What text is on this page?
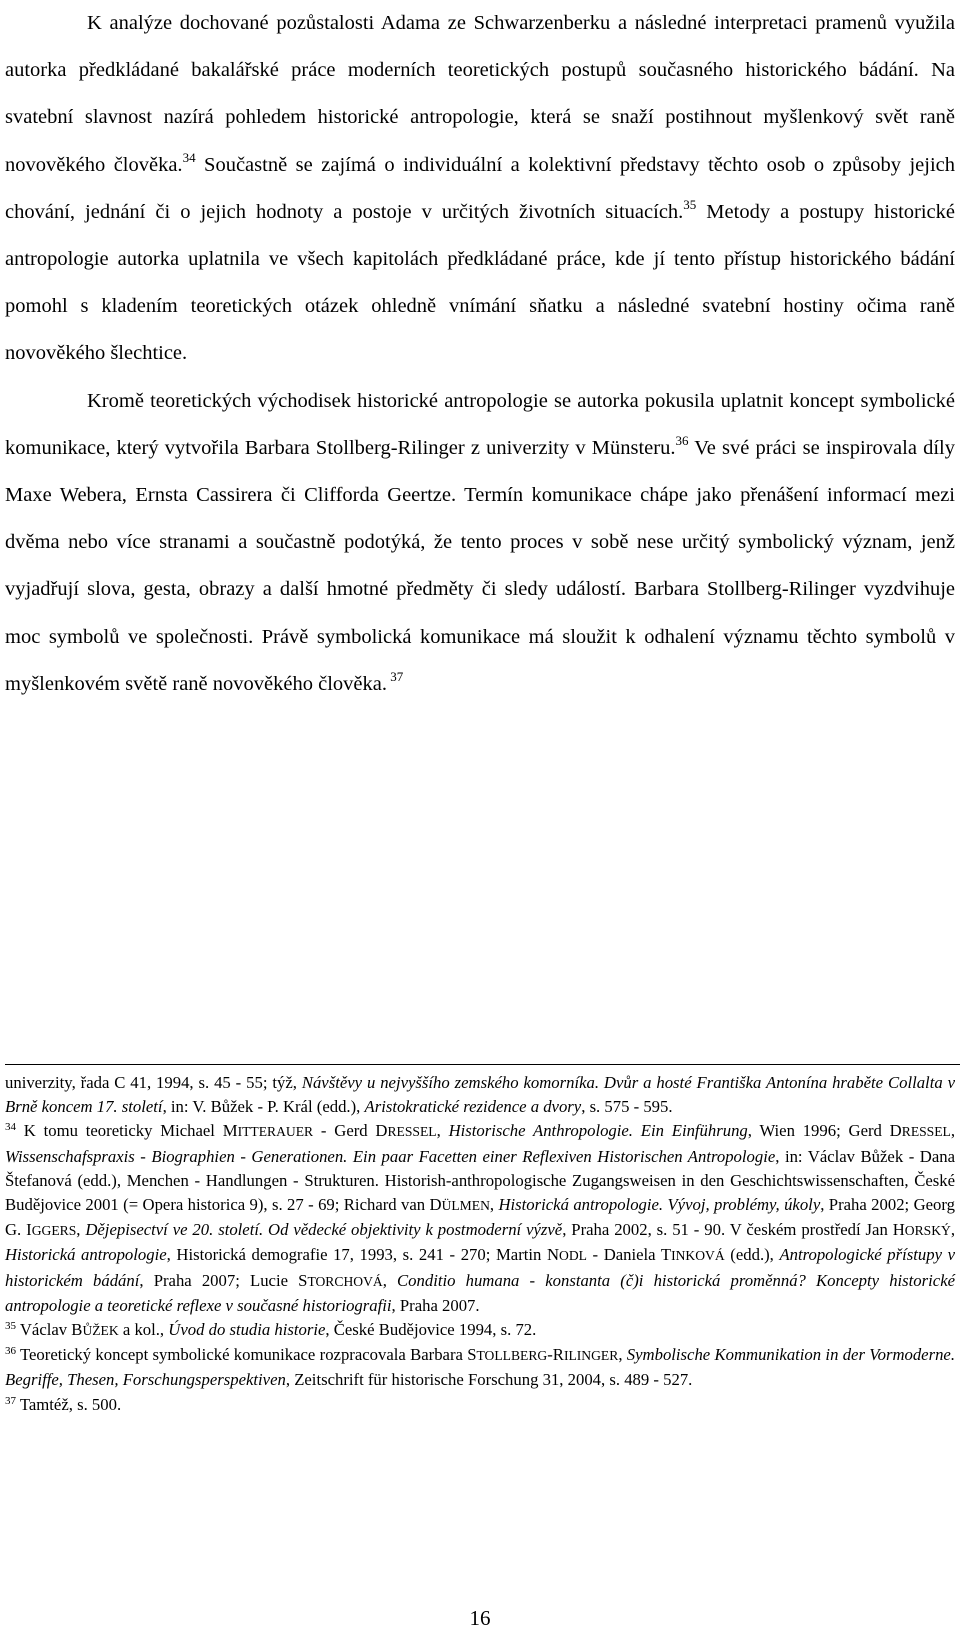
K analýze dochované pozůstalosti Adama ze Schwarzenberku a následné interpretaci pramenů využila autorka předkládané bakalářské práce moderních teoretických postupů současného historického bádání. Na svatební slavnost nazírá pohledem historické antropologie, která se snaží postihnout myšlenkový svět raně novověkého člověka.$^{34}$ Součastně se zajímá o individuální a kolektivní představy těchto osob o způsoby jejich chování, jednání či o jejich hodnoty a postoje v určitých životních situacích.$^{35}$ Metody a postupy historické antropologie autorka uplatnila ve všech kapitolách předkládané práce, kde jí tento přístup historického bádání pomohl s kladením teoretických otázek ohledně vnímání sňatku a následné svatební hostiny očima raně novověkého šlechtice.

Kromě teoretických východisek historické antropologie se autorka pokusila uplatnit koncept symbolické komunikace, který vytvořila Barbara Stollberg-Rilinger z univerzity v Münsteru.$^{36}$ Ve své práci se inspirovala díly Maxe Webera, Ernsta Cassirera či Clifforda Geertze. Termín komunikace chápe jako přenášení informací mezi dvěma nebo více stranami a součastně podotýká, že tento proces v sobě nese určitý symbolický význam, jenž vyjadřují slova, gesta, obrazy a další hmotné předměty či sledy událostí. Barbara Stollberg-Rilinger vyzdvihuje moc symbolů ve společnosti. Právě symbolická komunikace má sloužit k odhalení významu těchto symbolů v myšlenkovém světě raně novověkého člověka. $^{37}$

univerzity, řada C 41, 1994, s. 45 - 55; týž, Návštěvy u nejvyššího zemského komorníka. Dvůr a hosté Františka Antonína hraběte Collalta v Brně koncem 17. století, in: V. Bůžek - P. Král (edd.), Aristokratické rezidence a dvory, s. 575 - 595.

$^{34}$ K tomu teoreticky Michael MITTERAUER - Gerd DRESSEL, Historische Anthropologie. Ein Einführung, Wien 1996; Gerd DRESSEL, Wissenschafspraxis - Biographien - Generationen. Ein paar Facetten einer Reflexiven Historischen Antropologie, in: Václav Bůžek - Dana Štefanová (edd.), Menchen - Handlungen - Strukturen. Historish-anthropologische Zugangsweisen in den Geschichtswissenschaften, České Budějovice 2001 (= Opera historica 9), s. 27 - 69; Richard van DÜLMEN, Historická antropologie. Vývoj, problémy, úkoly, Praha 2002; Georg G. IGGERS, Dějepisectví ve 20. století. Od vědecké objektivity k postmoderní výzvě, Praha 2002, s. 51 - 90. V českém prostředí Jan HORSKÝ, Historická antropologie, Historická demografie 17, 1993, s. 241 - 270; Martin NODL - Daniela TINKOVÁ (edd.), Antropologické přístupy v historickém bádání, Praha 2007; Lucie STORCHOVÁ, Conditio humana - konstanta (č)i historická proměnná? Koncepty historické antropologie a teoretické reflexe v současné historiografii, Praha 2007.

$^{35}$ Václav BŮŽEK a kol., Úvod do studia historie, České Budějovice 1994, s. 72.

$^{36}$ Teoretický koncept symbolické komunikace rozpracovala Barbara STOLLBERG-RILINGER, Symbolische Kommunikation in der Vormoderne. Begriffe, Thesen, Forschungsperspektiven, Zeitschrift für historische Forschung 31, 2004, s. 489 - 527.

$^{37}$ Tamtéž, s. 500.

16
